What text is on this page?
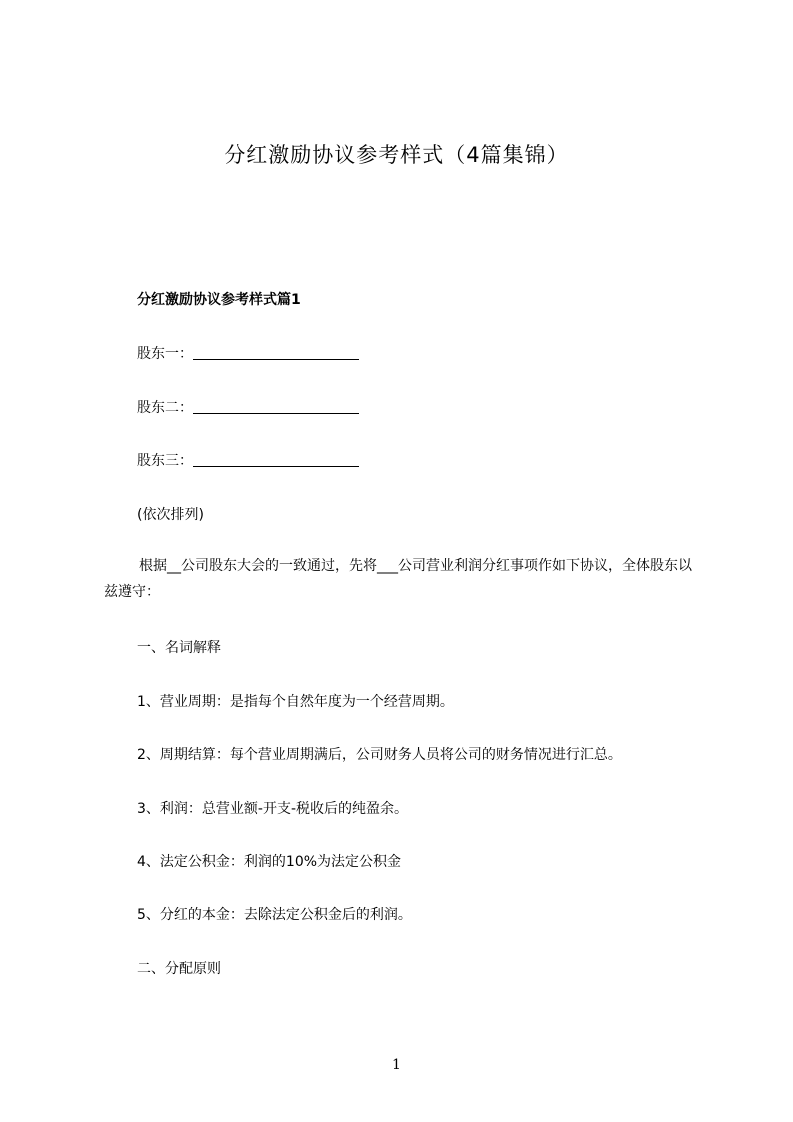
分红激励协议参考样式（4篇集锦）
分红激励协议参考样式篇1
股东一：
股东二：
股东三：
(依次排列)
根据__公司股东大会的一致通过，先将___公司营业利润分红事项作如下协议，全体股东以兹遵守：
一、名词解释
1、营业周期：是指每个自然年度为一个经营周期。
2、周期结算：每个营业周期满后，公司财务人员将公司的财务情况进行汇总。
3、利润：总营业额-开支-税收后的纯盈余。
4、法定公积金：利润的10%为法定公积金
5、分红的本金：去除法定公积金后的利润。
二、分配原则
1
